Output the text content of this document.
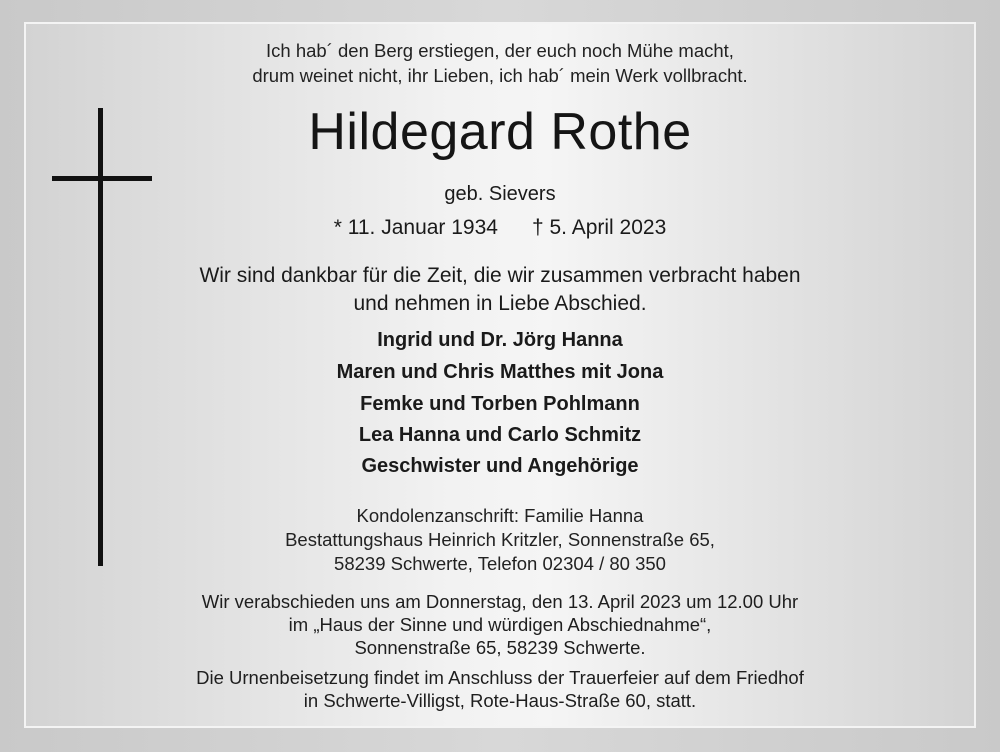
Ich hab´ den Berg erstiegen, der euch noch Mühe macht,
drum weinet nicht, ihr Lieben, ich hab´ mein Werk vollbracht.
Hildegard Rothe
geb. Sievers
* 11. Januar 1934 † 5. April 2023
Wir sind dankbar für die Zeit, die wir zusammen verbracht haben
und nehmen in Liebe Abschied.
Ingrid und Dr. Jörg Hanna
Maren und Chris Matthes mit Jona
Femke und Torben Pohlmann
Lea Hanna und Carlo Schmitz
Geschwister und Angehörige
Kondolenzanschrift: Familie Hanna
Bestattungshaus Heinrich Kritzler, Sonnenstraße 65,
58239 Schwerte, Telefon 02304 / 80 350
Wir verabschieden uns am Donnerstag, den 13. April 2023 um 12.00 Uhr
im „Haus der Sinne und würdigen Abschiednahme“,
Sonnenstraße 65, 58239 Schwerte.
Die Urnenbeisetzung findet im Anschluss der Trauerfeier auf dem Friedhof
in Schwerte-Villigst, Rote-Haus-Straße 60, statt.
